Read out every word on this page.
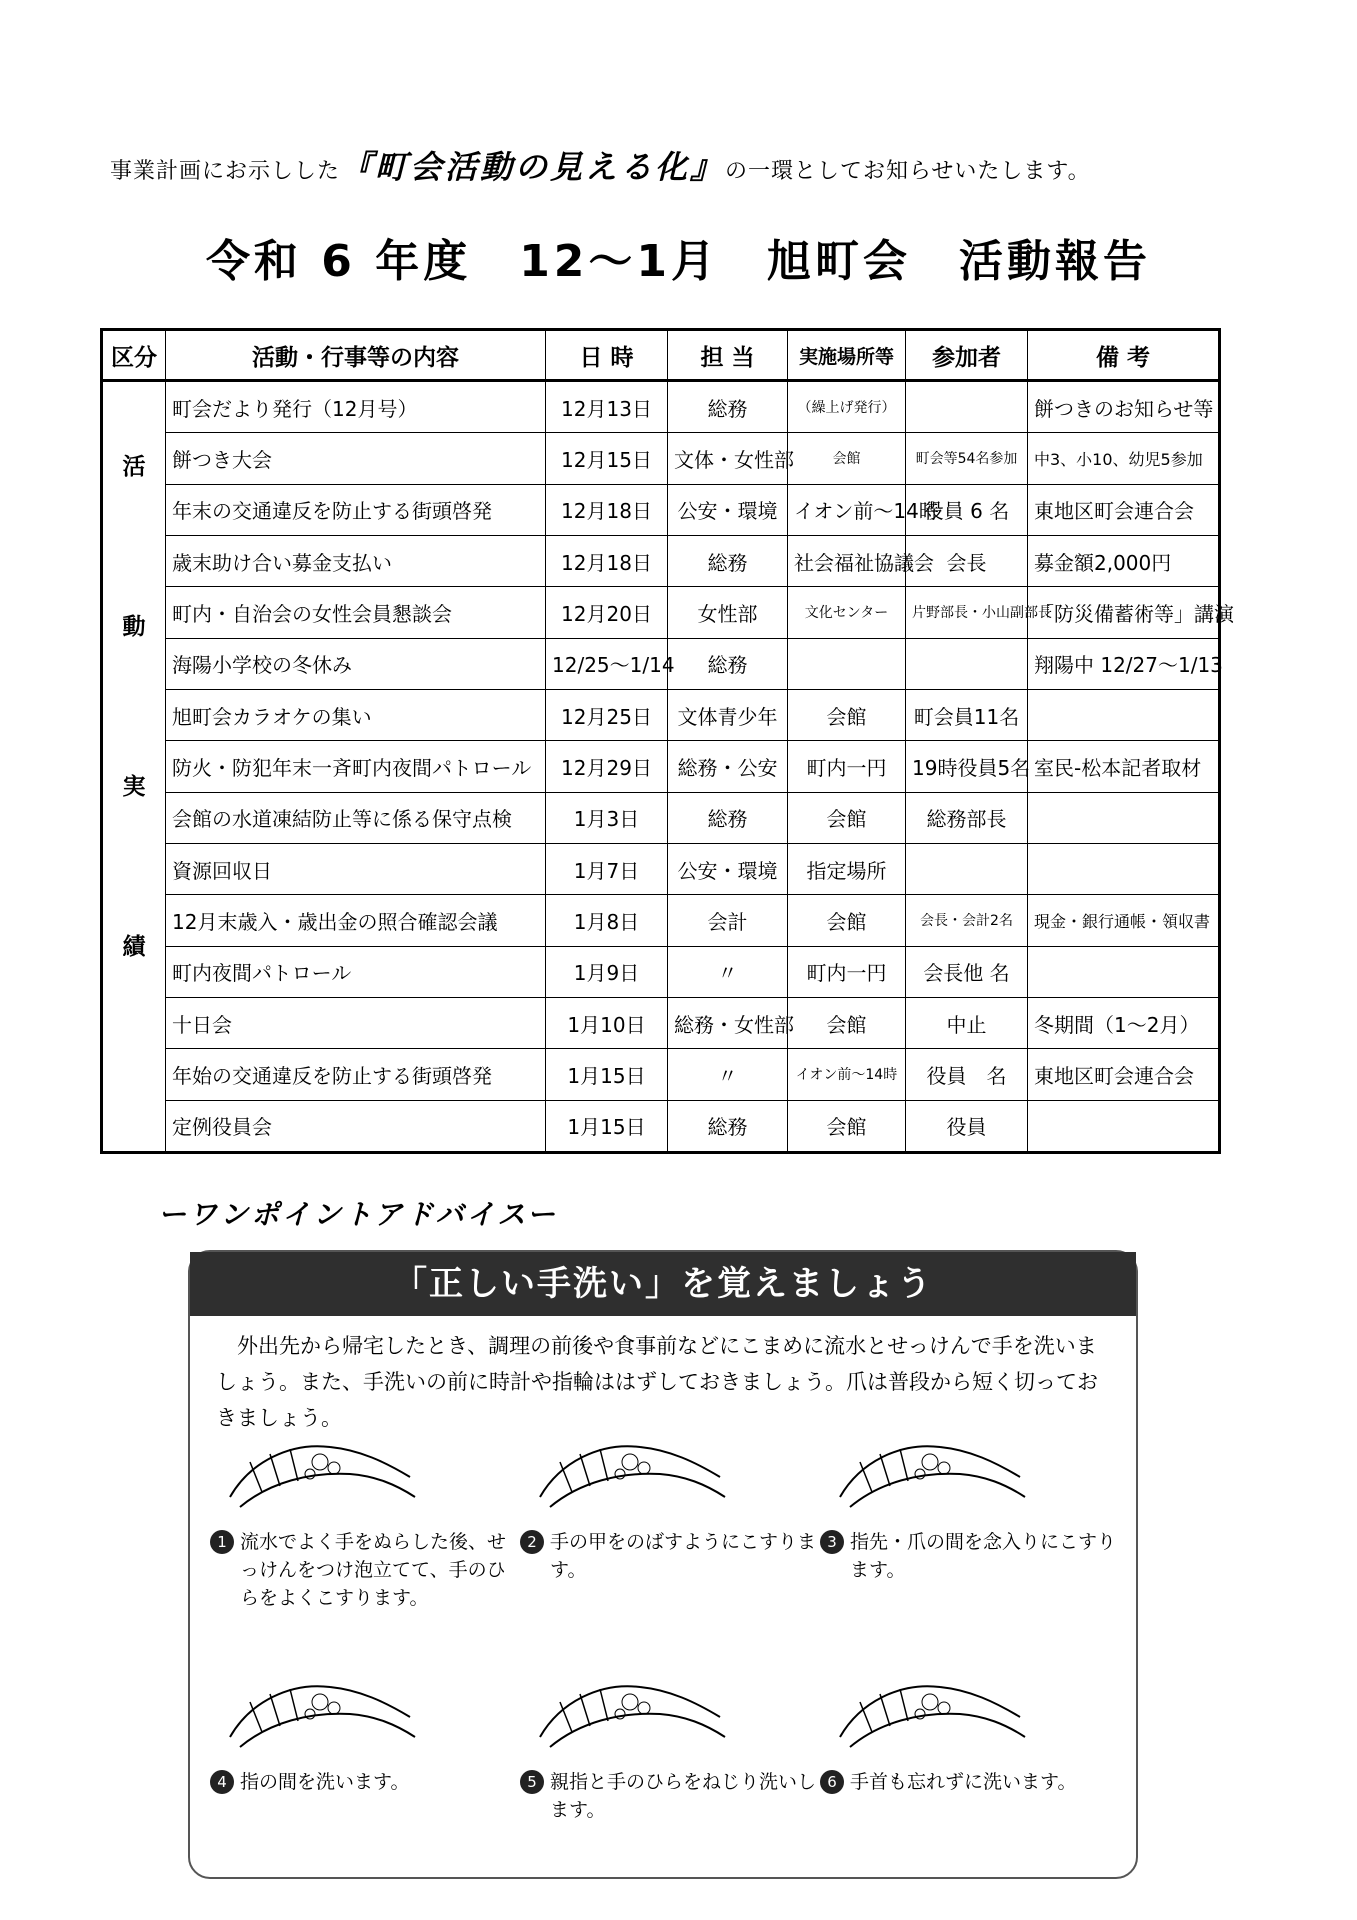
事業計画にお示しした『町会活動の見える化』の一環としてお知らせいたします。
令和 6 年度　12～1月　旭町会　活動報告
区分	活動・行事等の内容	日 時	担 当	実施場所等	参加者	備 考

活
動
実
績	町会だより発行（12月号）	12月13日	総務	（繰上げ発行）		餅つきのお知らせ等
	餅つき大会	12月15日	文体・女性部	会館	町会等54名参加	中3、小10、幼児5参加
	年末の交通違反を防止する街頭啓発	12月18日	公安・環境	イオン前～14時	役員 6 名	東地区町会連合会
	歳末助け合い募金支払い	12月18日	総務	社会福祉協議会	会長	募金額2,000円
	町内・自治会の女性会員懇談会	12月20日	女性部	文化センター	片野部長・小山副部長	「防災備蓄術等」講演
	海陽小学校の冬休み	12/25～1/14	総務			翔陽中 12/27～1/13
	旭町会カラオケの集い	12月25日	文体青少年	会館	町会員11名	
	防火・防犯年末一斉町内夜間パトロール	12月29日	総務・公安	町内一円	19時役員5名	室民-松本記者取材
	会館の水道凍結防止等に係る保守点検	1月3日	総務	会館	総務部長	
	資源回収日	1月7日	公安・環境	指定場所		
	12月末歳入・歳出金の照合確認会議	1月8日	会計	会館	会長・会計2名	現金・銀行通帳・領収書
	町内夜間パトロール	1月9日	〃	町内一円	会長他 名	
	十日会	1月10日	総務・女性部	会館	中止	冬期間（1～2月）
	年始の交通違反を防止する街頭啓発	1月15日	〃	イオン前～14時	役員　名	東地区町会連合会
	定例役員会	1月15日	総務	会館	役員	
ーワンポイントアドバイスー
「正しい手洗い」を覚えましょう
外出先から帰宅したとき、調理の前後や食事前などにこまめに流水とせっけんで手を洗いましょう。また、手洗いの前に時計や指輪ははずしておきましょう。爪は普段から短く切っておきましょう。
1 流水でよく手をぬらした後、せっけんをつけ泡立てて、手のひらをよくこすります。
2 手の甲をのばすようにこすります。
3 指先・爪の間を念入りにこすります。
4 指の間を洗います。	5 親指と手のひらをねじり洗いします。
6 手首も忘れずに洗います。
